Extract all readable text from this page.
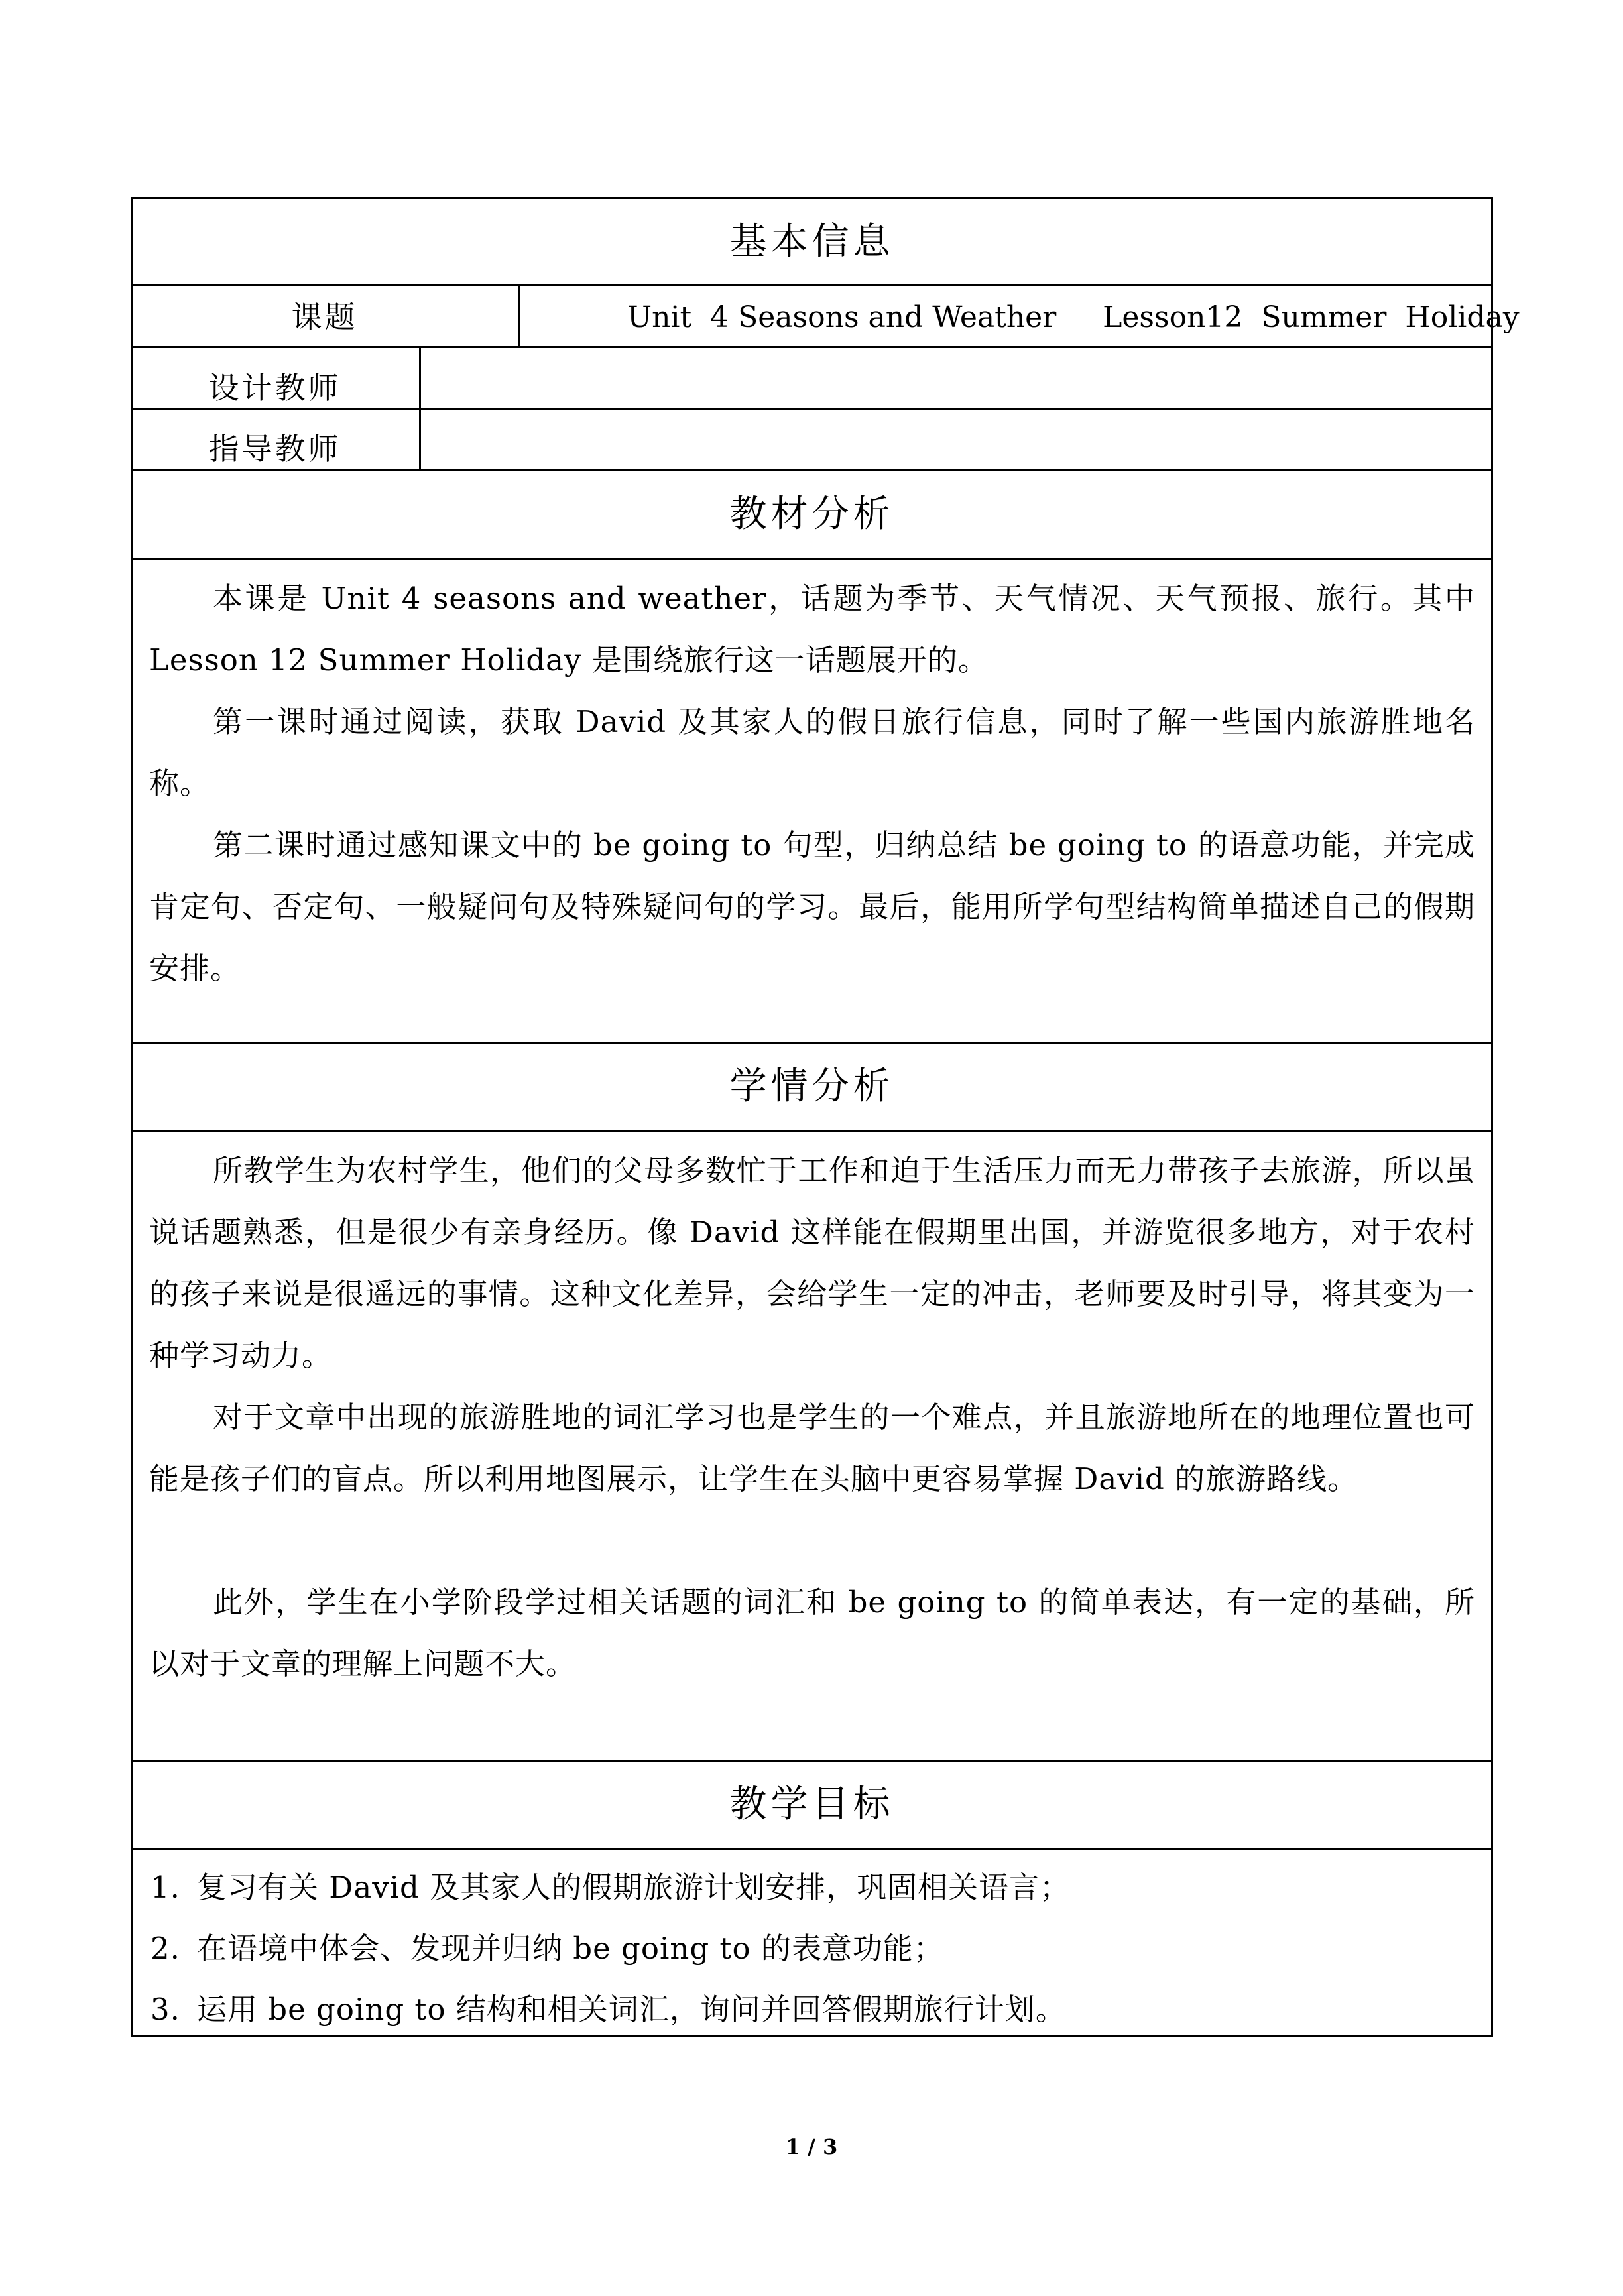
基本信息
课题	Unit  4 Seasons and Weather     Lesson12  Summer  Holiday
设计教师
指导教师
教材分析

本课是 Unit 4 seasons and weather，话题为季节、天气情况、天气预报、旅行。其中 Lesson 12 Summer Holiday 是围绕旅行这一话题展开的。

第一课时通过阅读，获取 David 及其家人的假日旅行信息，同时了解一些国内旅游胜地名称。

第二课时通过感知课文中的 be going to 句型，归纳总结 be going to 的语意功能，并完成肯定句、否定句、一般疑问句及特殊疑问句的学习。最后，能用所学句型结构简单描述自己的假期安排。

学情分析

所教学生为农村学生，他们的父母多数忙于工作和迫于生活压力而无力带孩子去旅游，所以虽说话题熟悉，但是很少有亲身经历。像 David 这样能在假期里出国，并游览很多地方，对于农村的孩子来说是很遥远的事情。这种文化差异，会给学生一定的冲击，老师要及时引导，将其变为一种学习动力。

对于文章中出现的旅游胜地的词汇学习也是学生的一个难点，并且旅游地所在的地理位置也可能是孩子们的盲点。所以利用地图展示，让学生在头脑中更容易掌握 David 的旅游路线。

此外，学生在小学阶段学过相关话题的词汇和 be going to 的简单表达，有一定的基础，所以对于文章的理解上问题不大。

教学目标
1. 复习有关 David 及其家人的假期旅游计划安排，巩固相关语言；
2. 在语境中体会、发现并归纳 be going to 的表意功能；
3. 运用 be going to 结构和相关词汇，询问并回答假期旅行计划。
1 / 3
